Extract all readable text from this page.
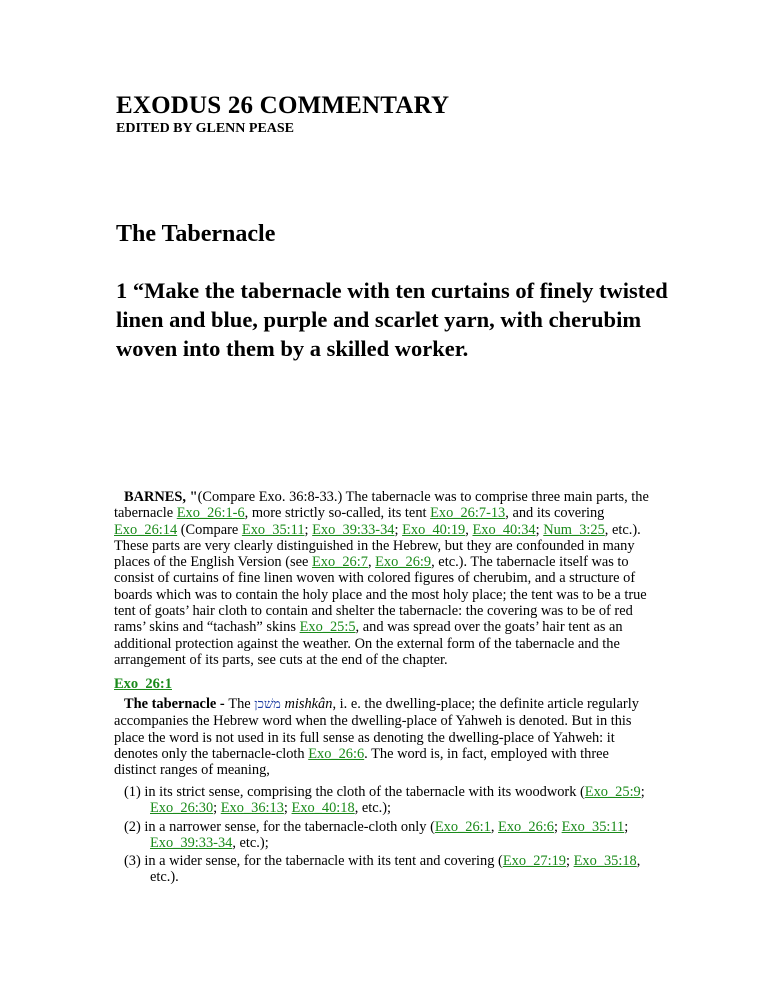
EXODUS 26 COMMENTARY
EDITED BY GLENN PEASE
The Tabernacle

1 “Make the tabernacle with ten curtains of finely twisted linen and blue, purple and scarlet yarn, with cherubim woven into them by a skilled worker.

BARNES, "(Compare Exo. 36:8-33.) The tabernacle was to comprise three main parts, the tabernacle Exo_26:1-6, more strictly so-called, its tent Exo_26:7-13, and its covering Exo_26:14 (Compare Exo_35:11; Exo_39:33-34; Exo_40:19, Exo_40:34; Num_3:25, etc.). These parts are very clearly distinguished in the Hebrew, but they are confounded in many places of the English Version (see Exo_26:7, Exo_26:9, etc.). The tabernacle itself was to consist of curtains of fine linen woven with colored figures of cherubim, and a structure of boards which was to contain the holy place and the most holy place; the tent was to be a true tent of goats’ hair cloth to contain and shelter the tabernacle: the covering was to be of red rams’ skins and “tachash” skins Exo_25:5, and was spread over the goats’ hair tent as an additional protection against the weather. On the external form of the tabernacle and the arrangement of its parts, see cuts at the end of the chapter.

Exo_26:1

The tabernacle - The משׁכן mishkân, i. e. the dwelling-place; the definite article regularly accompanies the Hebrew word when the dwelling-place of Yahweh is denoted. But in this place the word is not used in its full sense as denoting the dwelling-place of Yahweh: it denotes only the tabernacle-cloth Exo_26:6. The word is, in fact, employed with three distinct ranges of meaning,

(1) in its strict sense, comprising the cloth of the tabernacle with its woodwork (Exo_25:9; Exo_26:30; Exo_36:13; Exo_40:18, etc.);
(2) in a narrower sense, for the tabernacle-cloth only (Exo_26:1, Exo_26:6; Exo_35:11; Exo_39:33-34, etc.);
(3) in a wider sense, for the tabernacle with its tent and covering (Exo_27:19; Exo_35:18, etc.).
